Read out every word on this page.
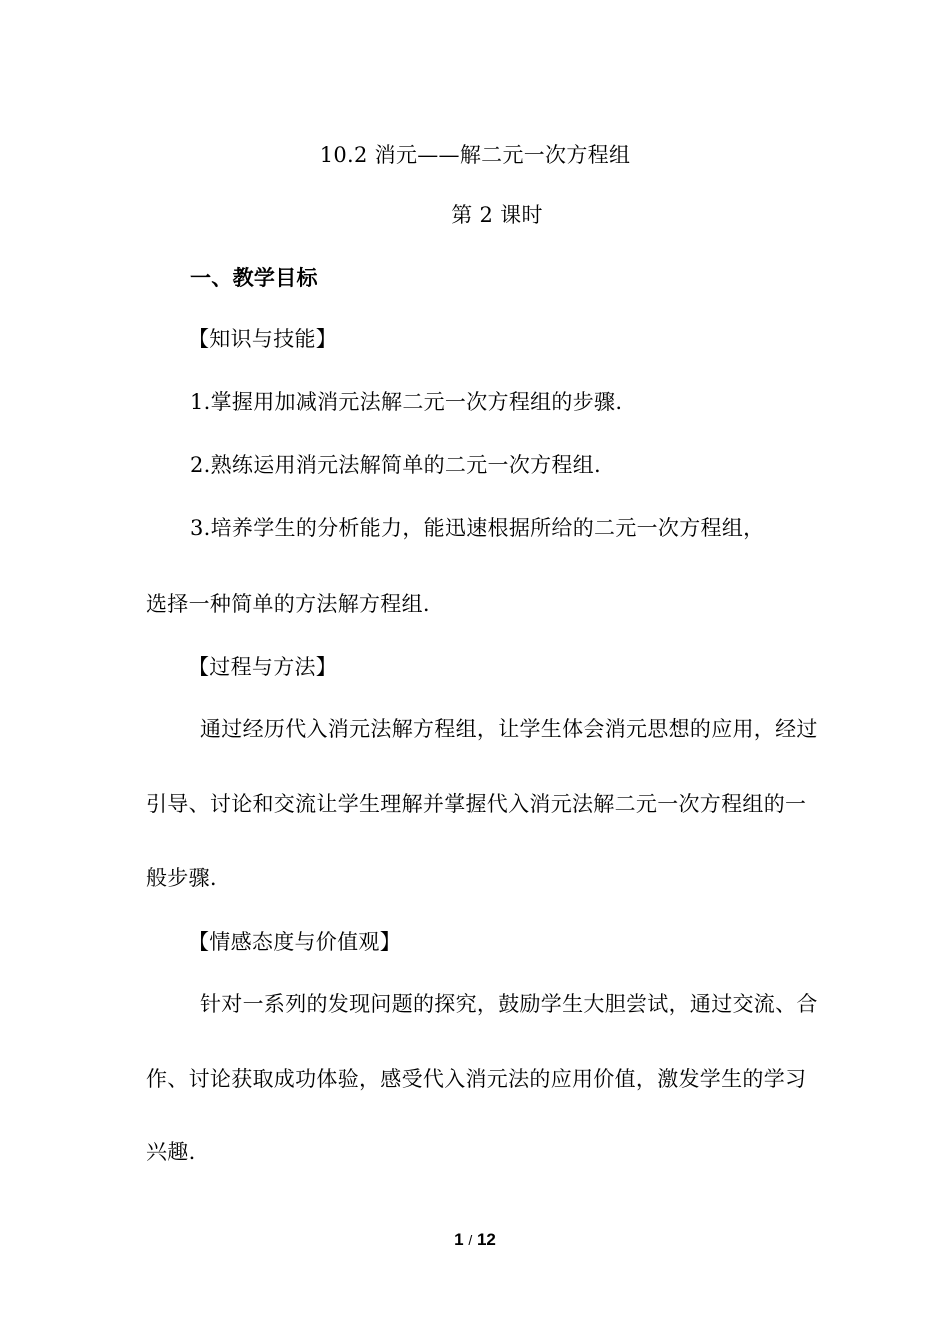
10.2 消元——解二元一次方程组
第 2 课时
一、教学目标
【知识与技能】
1.掌握用加减消元法解二元一次方程组的步骤.
2.熟练运用消元法解简单的二元一次方程组.
3.培养学生的分析能力，能迅速根据所给的二元一次方程组，
选择一种简单的方法解方程组.
【过程与方法】
通过经历代入消元法解方程组，让学生体会消元思想的应用，经过
引导、讨论和交流让学生理解并掌握代入消元法解二元一次方程组的一
般步骤.
【情感态度与价值观】
针对一系列的发现问题的探究，鼓励学生大胆尝试，通过交流、合
作、讨论获取成功体验，感受代入消元法的应用价值，激发学生的学习
兴趣.
1 / 12
